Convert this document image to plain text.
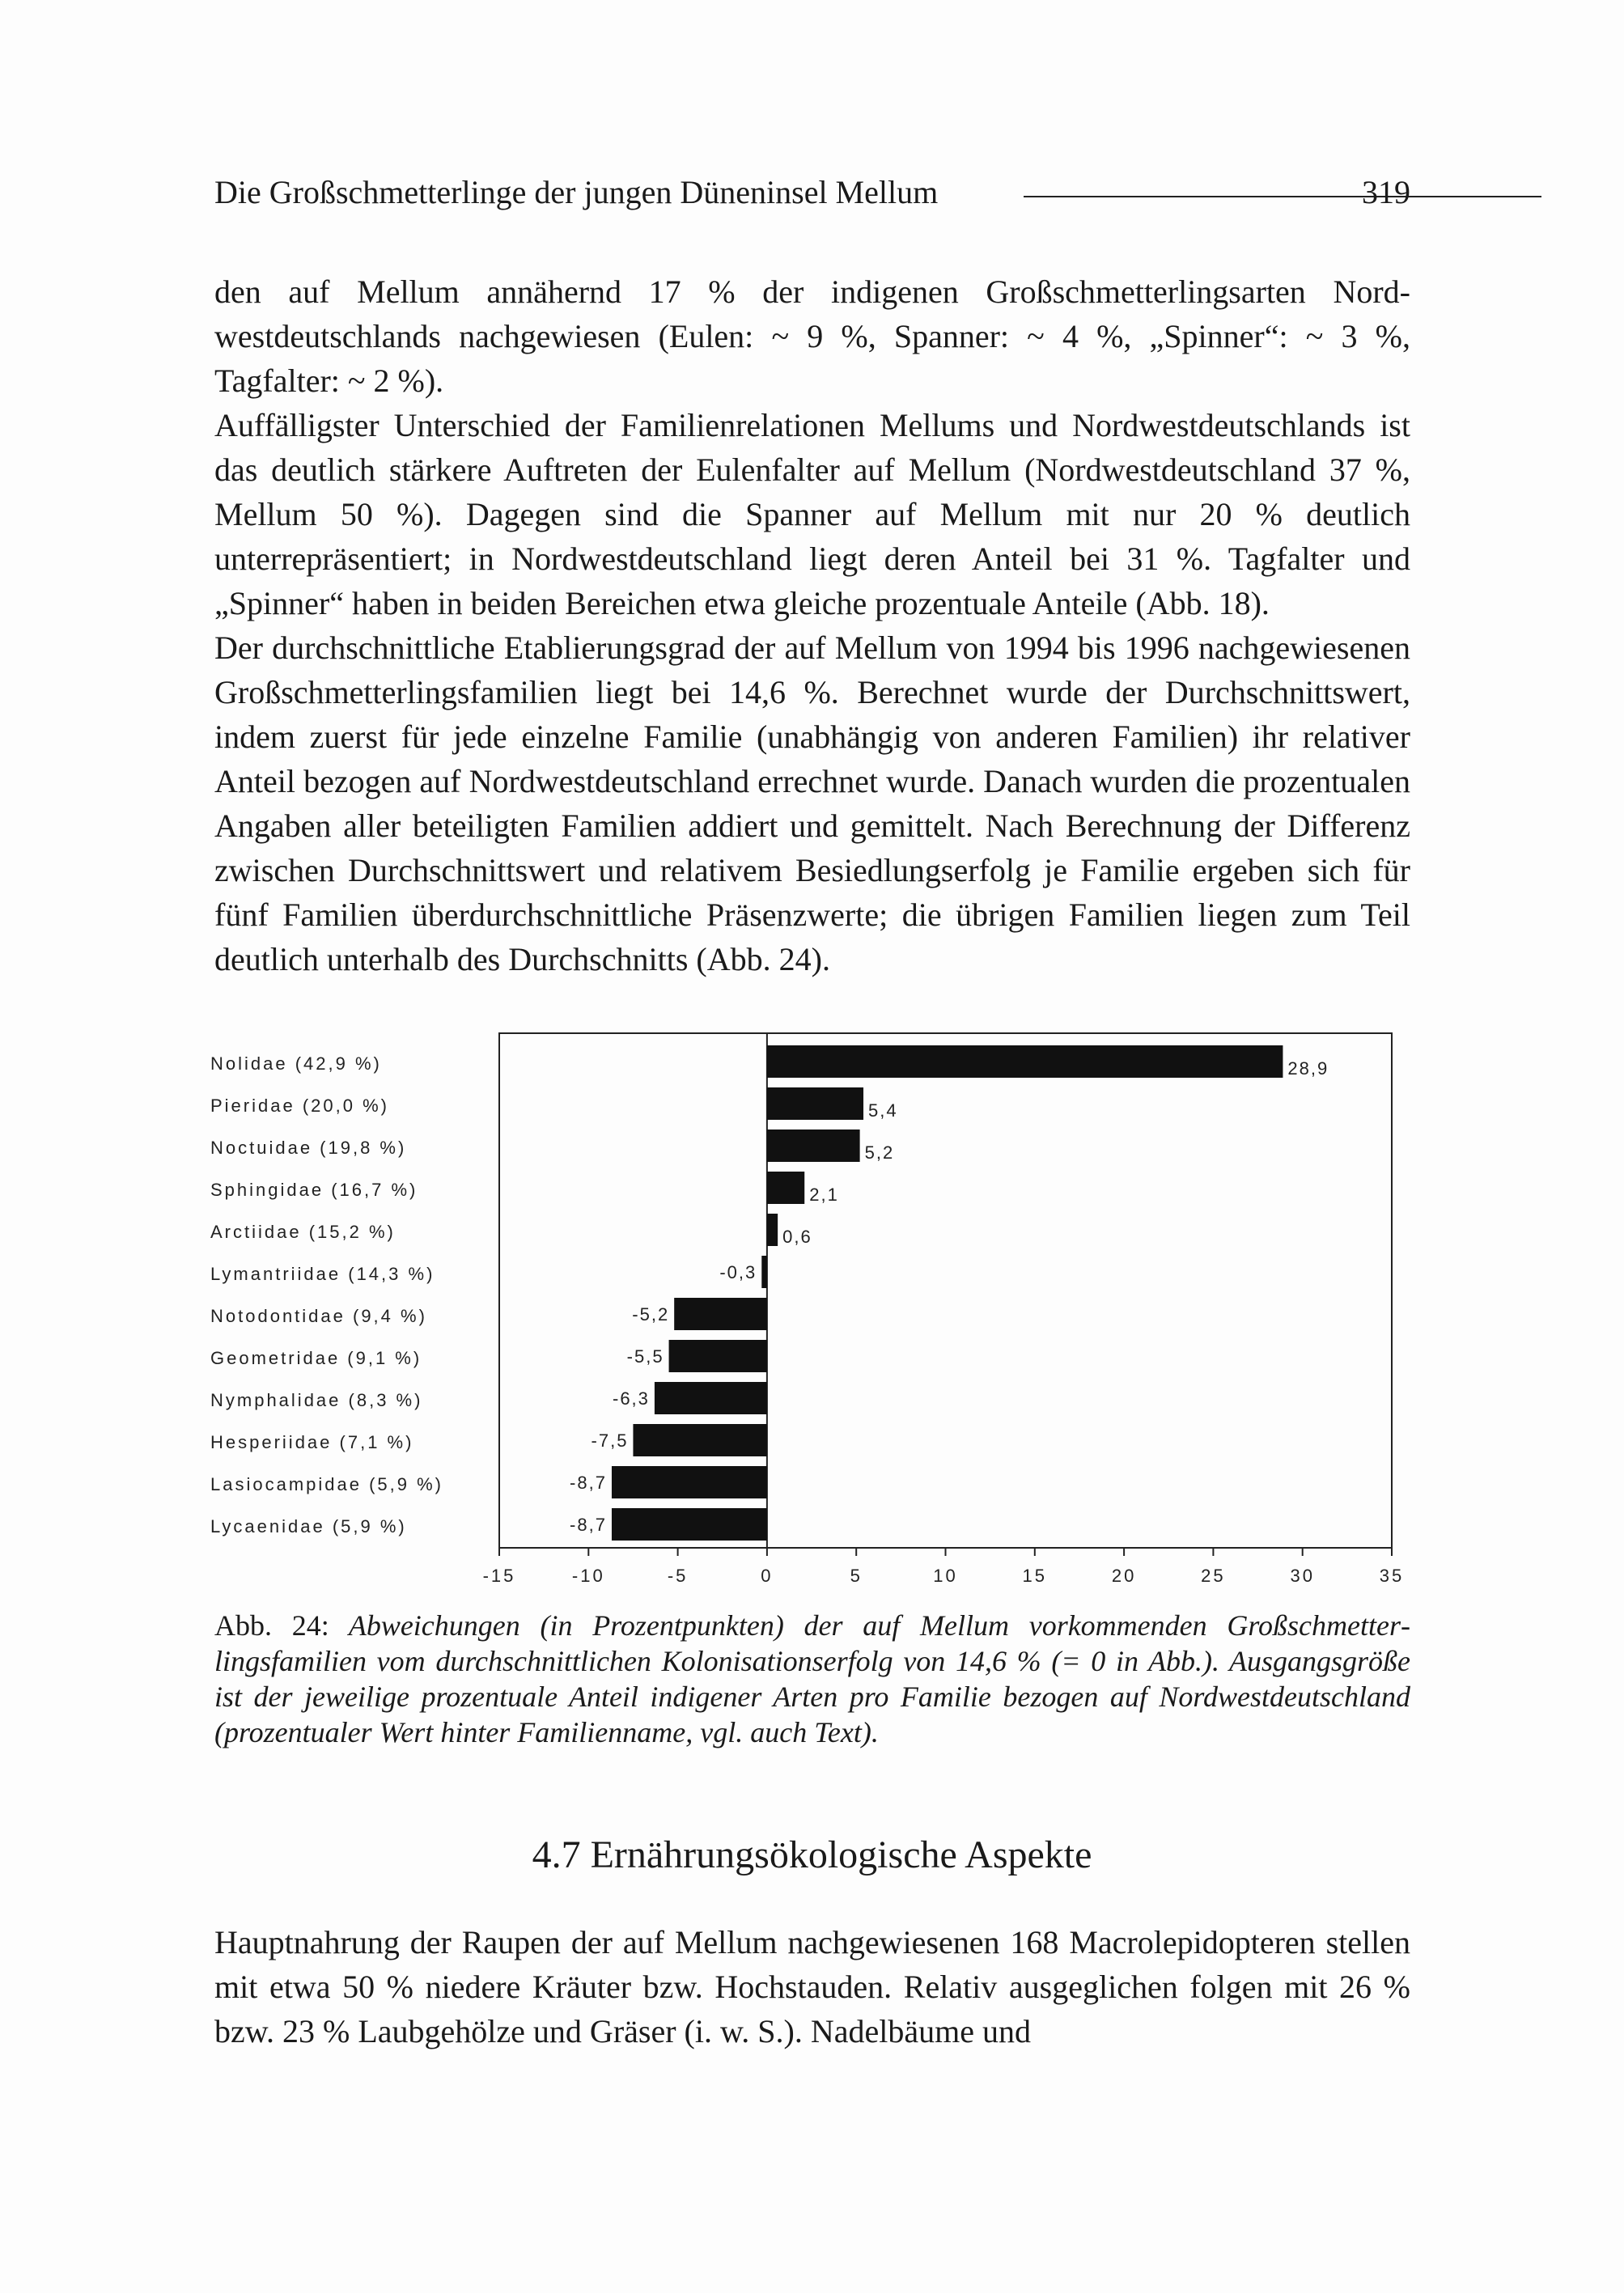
Die Großschmetterlinge der jungen Düneninsel Mellum	319

den auf Mellum annähernd 17 % der indigenen Großschmetterlingsarten Nordwestdeutschlands nachgewiesen (Eulen: ~ 9 %, Spanner: ~ 4 %, „Spinner“: ~ 3 %, Tagfalter: ~ 2 %).

Auffälligster Unterschied der Familienrelationen Mellums und Nordwestdeutschlands ist das deutlich stärkere Auftreten der Eulenfalter auf Mellum (Nordwestdeutschland 37 %, Mellum 50 %). Dagegen sind die Spanner auf Mellum mit nur 20 % deutlich unterrepräsentiert; in Nordwestdeutschland liegt deren Anteil bei 31 %. Tagfalter und „Spinner“ haben in beiden Bereichen etwa gleiche prozentuale Anteile (Abb. 18).

Der durchschnittliche Etablierungsgrad der auf Mellum von 1994 bis 1996 nachgewiesenen Großschmetterlingsfamilien liegt bei 14,6 %. Berechnet wurde der Durchschnittswert, indem zuerst für jede einzelne Familie (unabhängig von anderen Familien) ihr relativer Anteil bezogen auf Nordwestdeutschland errechnet wurde. Danach wurden die prozentualen Angaben aller beteiligten Familien addiert und gemittelt. Nach Berechnung der Differenz zwischen Durchschnittswert und relativem Besiedlungserfolg je Familie ergeben sich für fünf Familien überdurchschnittliche Präsenzwerte; die übrigen Familien liegen zum Teil deutlich unterhalb des Durchschnitts (Abb. 24).

Nolidae (42,9 %)	28,9
Pieridae (20,0 %)	5,4
Noctuidae (19,8 %)	5,2
Sphingidae (16,7 %)	2,1
Arctiidae (15,2 %)	0,6
Lymantriidae (14,3 %)	-0,3
Notodontidae (9,4 %)	-5,2
Geometridae (9,1 %)	-5,5
Nymphalidae (8,3 %)	-6,3
Hesperiidae (7,1 %)	-7,5
Lasiocampidae (5,9 %)	-8,7
Lycaenidae (5,9 %)	-8,7
-15	-10	-5	0	5	10	15	20	25	30	35
Abb. 24: Abweichungen (in Prozentpunkten) der auf Mellum vorkommenden Großschmetterlingsfamilien vom durchschnittlichen Kolonisationserfolg von 14,6 % (= 0 in Abb.). Ausgangsgröße ist der jeweilige prozentuale Anteil indigener Arten pro Familie bezogen auf Nordwestdeutschland (prozentualer Wert hinter Familienname, vgl. auch Text).
4.7 Ernährungsökologische Aspekte

Hauptnahrung der Raupen der auf Mellum nachgewiesenen 168 Macrolepidopteren stellen mit etwa 50 % niedere Kräuter bzw. Hochstauden. Relativ ausgeglichen folgen mit 26 % bzw. 23 % Laubgehölze und Gräser (i. w. S.). Nadelbäume und
